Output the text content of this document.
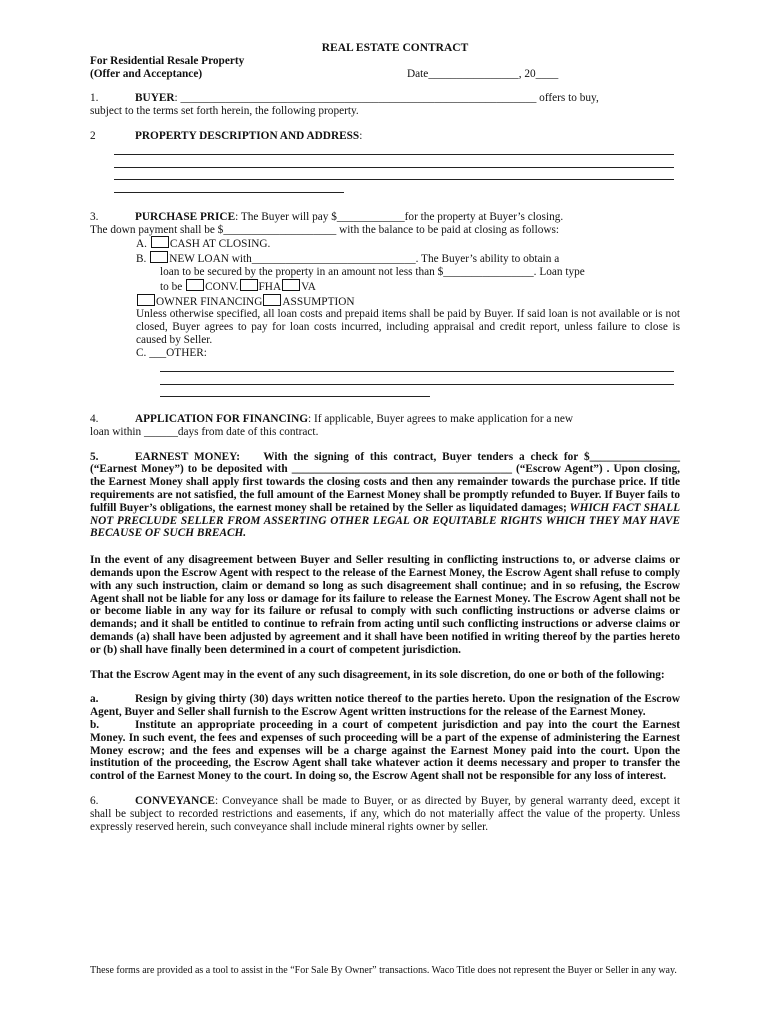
REAL ESTATE CONTRACT
For Residential Resale Property
(Offer and Acceptance)	Date________________, 20____
1.	BUYER: _______________________________________________________________ offers to buy,
subject to the terms set forth herein, the following property.
2	PROPERTY DESCRIPTION AND ADDRESS:
3.	PURCHASE PRICE: The Buyer will pay $____________for the property at Buyer’s closing.
The down payment shall be $____________________ with the balance to be paid at closing as follows:
A. CASH AT CLOSING.
B. NEW LOAN with_____________________________. The Buyer’s ability to obtain a
loan to be secured by the property in an amount not less than $________________. Loan type
to be CONV. FHA VA
OWNER FINANCING ASSUMPTION
Unless otherwise specified, all loan costs and prepaid items shall be paid by Buyer. If said loan is not available or is not closed, Buyer agrees to pay for loan costs incurred, including appraisal and credit report, unless failure to close is caused by Seller.
C. ___OTHER:
4.	APPLICATION FOR FINANCING: If applicable, Buyer agrees to make application for a new
loan within ______days from date of this contract.
5.	EARNEST MONEY: With the signing of this contract, Buyer tenders a check for $________________ (“Earnest Money”) to be deposited with _______________________________________ (“Escrow Agent”) . Upon closing, the Earnest Money shall apply first towards the closing costs and then any remainder towards the purchase price. If title requirements are not satisfied, the full amount of the Earnest Money shall be promptly refunded to Buyer. If Buyer fails to fulfill Buyer’s obligations, the earnest money shall be retained by the Seller as liquidated damages; WHICH FACT SHALL NOT PRECLUDE SELLER FROM ASSERTING OTHER LEGAL OR EQUITABLE RIGHTS WHICH THEY MAY HAVE BECAUSE OF SUCH BREACH.
In the event of any disagreement between Buyer and Seller resulting in conflicting instructions to, or adverse claims or demands upon the Escrow Agent with respect to the release of the Earnest Money, the Escrow Agent shall refuse to comply with any such instruction, claim or demand so long as such disagreement shall continue; and in so refusing, the Escrow Agent shall not be liable for any loss or damage for its failure to release the Earnest Money. The Escrow Agent shall not be or become liable in any way for its failure or refusal to comply with such conflicting instructions or adverse claims or demands; and it shall be entitled to continue to refrain from acting until such conflicting instructions or adverse claims or demands (a) shall have been adjusted by agreement and it shall have been notified in writing thereof by the parties hereto or (b) shall have finally been determined in a court of competent jurisdiction.
That the Escrow Agent may in the event of any such disagreement, in its sole discretion, do one or both of the following:
a.	Resign by giving thirty (30) days written notice thereof to the parties hereto. Upon the resignation of the Escrow Agent, Buyer and Seller shall furnish to the Escrow Agent written instructions for the release of the Earnest Money.
b.	Institute an appropriate proceeding in a court of competent jurisdiction and pay into the court the Earnest Money. In such event, the fees and expenses of such proceeding will be a part of the expense of administering the Earnest Money escrow; and the fees and expenses will be a charge against the Earnest Money paid into the court. Upon the institution of the proceeding, the Escrow Agent shall take whatever action it deems necessary and proper to transfer the control of the Earnest Money to the court. In doing so, the Escrow Agent shall not be responsible for any loss of interest.
6.	CONVEYANCE: Conveyance shall be made to Buyer, or as directed by Buyer, by general warranty deed, except it shall be subject to recorded restrictions and easements, if any, which do not materially affect the value of the property. Unless expressly reserved herein, such conveyance shall include mineral rights owner by seller.
These forms are provided as a tool to assist in the “For Sale By Owner” transactions. Waco Title does not represent the Buyer or Seller in any way.
